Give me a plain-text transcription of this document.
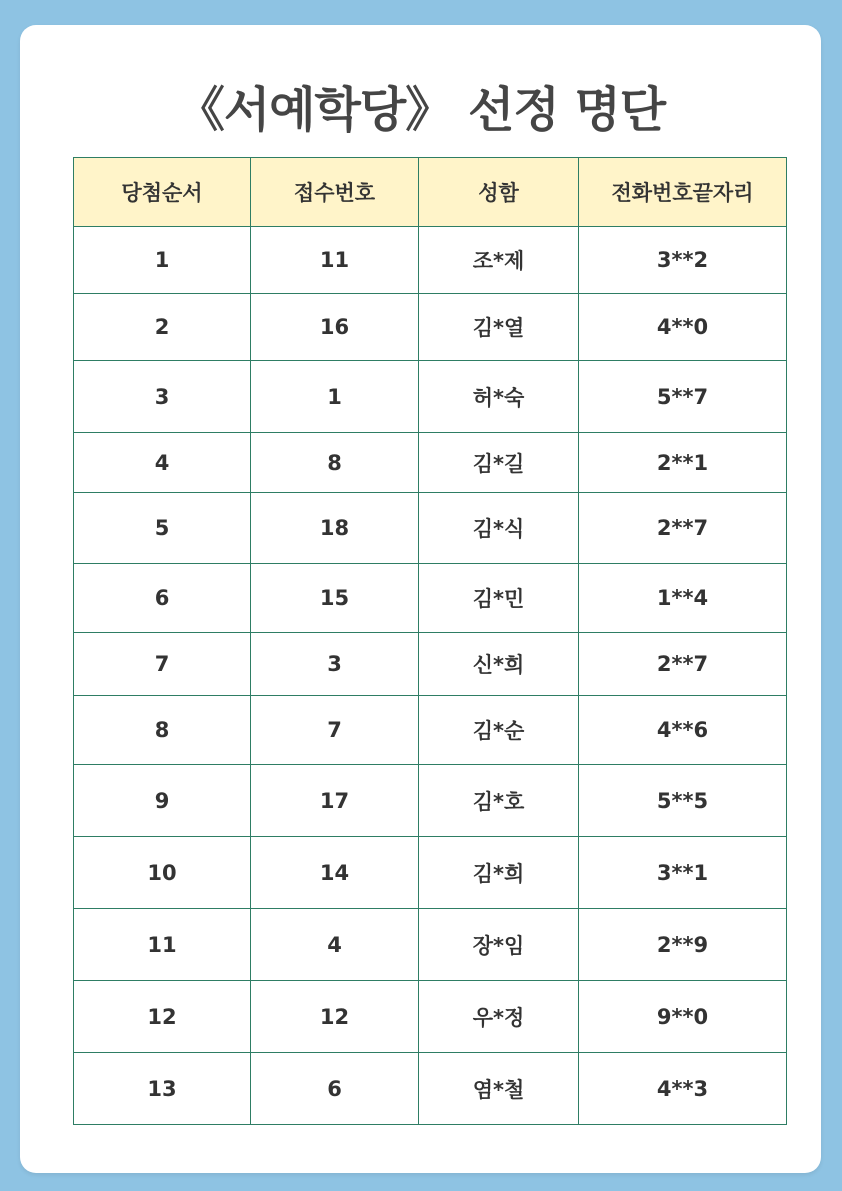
《서예학당》 선정 명단
당첨순서	접수번호	성함	전화번호끝자리
1	11	조*제	3**2
2	16	김*열	4**0
3	1	허*숙	5**7
4	8	김*길	2**1
5	18	김*식	2**7
6	15	김*민	1**4
7	3	신*희	2**7
8	7	김*순	4**6
9	17	김*호	5**5
10	14	김*희	3**1
11	4	장*임	2**9
12	12	우*정	9**0
13	6	염*철	4**3
